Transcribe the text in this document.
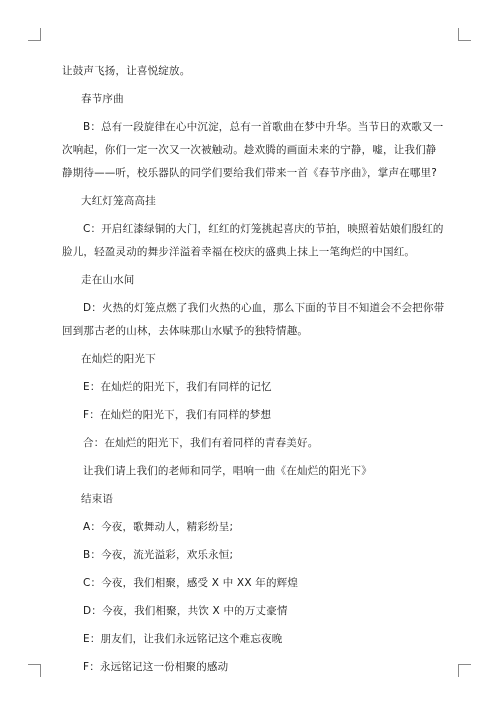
让鼓声飞扬，让喜悦绽放。

春节序曲

B：总有一段旋律在心中沉淀，总有一首歌曲在梦中升华。当节日的欢歌又一次响起，你们一定一次又一次被触动。趁欢腾的画面未来的宁静，嘘，让我们静静期待——听，校乐器队的同学们要给我们带来一首《春节序曲》，掌声在哪里?

大红灯笼高高挂

C：开启红漆绿铜的大门，红红的灯笼挑起喜庆的节拍，映照着姑娘们殷红的脸儿，轻盈灵动的舞步洋溢着幸福在校庆的盛典上抹上一笔绚烂的中国红。

走在山水间

D：火热的灯笼点燃了我们火热的心血，那么下面的节目不知道会不会把你带回到那古老的山林，去体味那山水赋予的独特情趣。

在灿烂的阳光下

E：在灿烂的阳光下，我们有同样的记忆

F：在灿烂的阳光下，我们有同样的梦想

合：在灿烂的阳光下，我们有着同样的青春美好。

让我们请上我们的老师和同学，唱响一曲《在灿烂的阳光下》

结束语

A：今夜，歌舞动人，精彩纷呈;

B：今夜，流光溢彩，欢乐永恒;

C：今夜，我们相聚，感受 X 中 XX 年的辉煌

D：今夜，我们相聚，共饮 X 中的万丈豪情

E：朋友们，让我们永远铭记这个难忘夜晚

F：永远铭记这一份相聚的感动
